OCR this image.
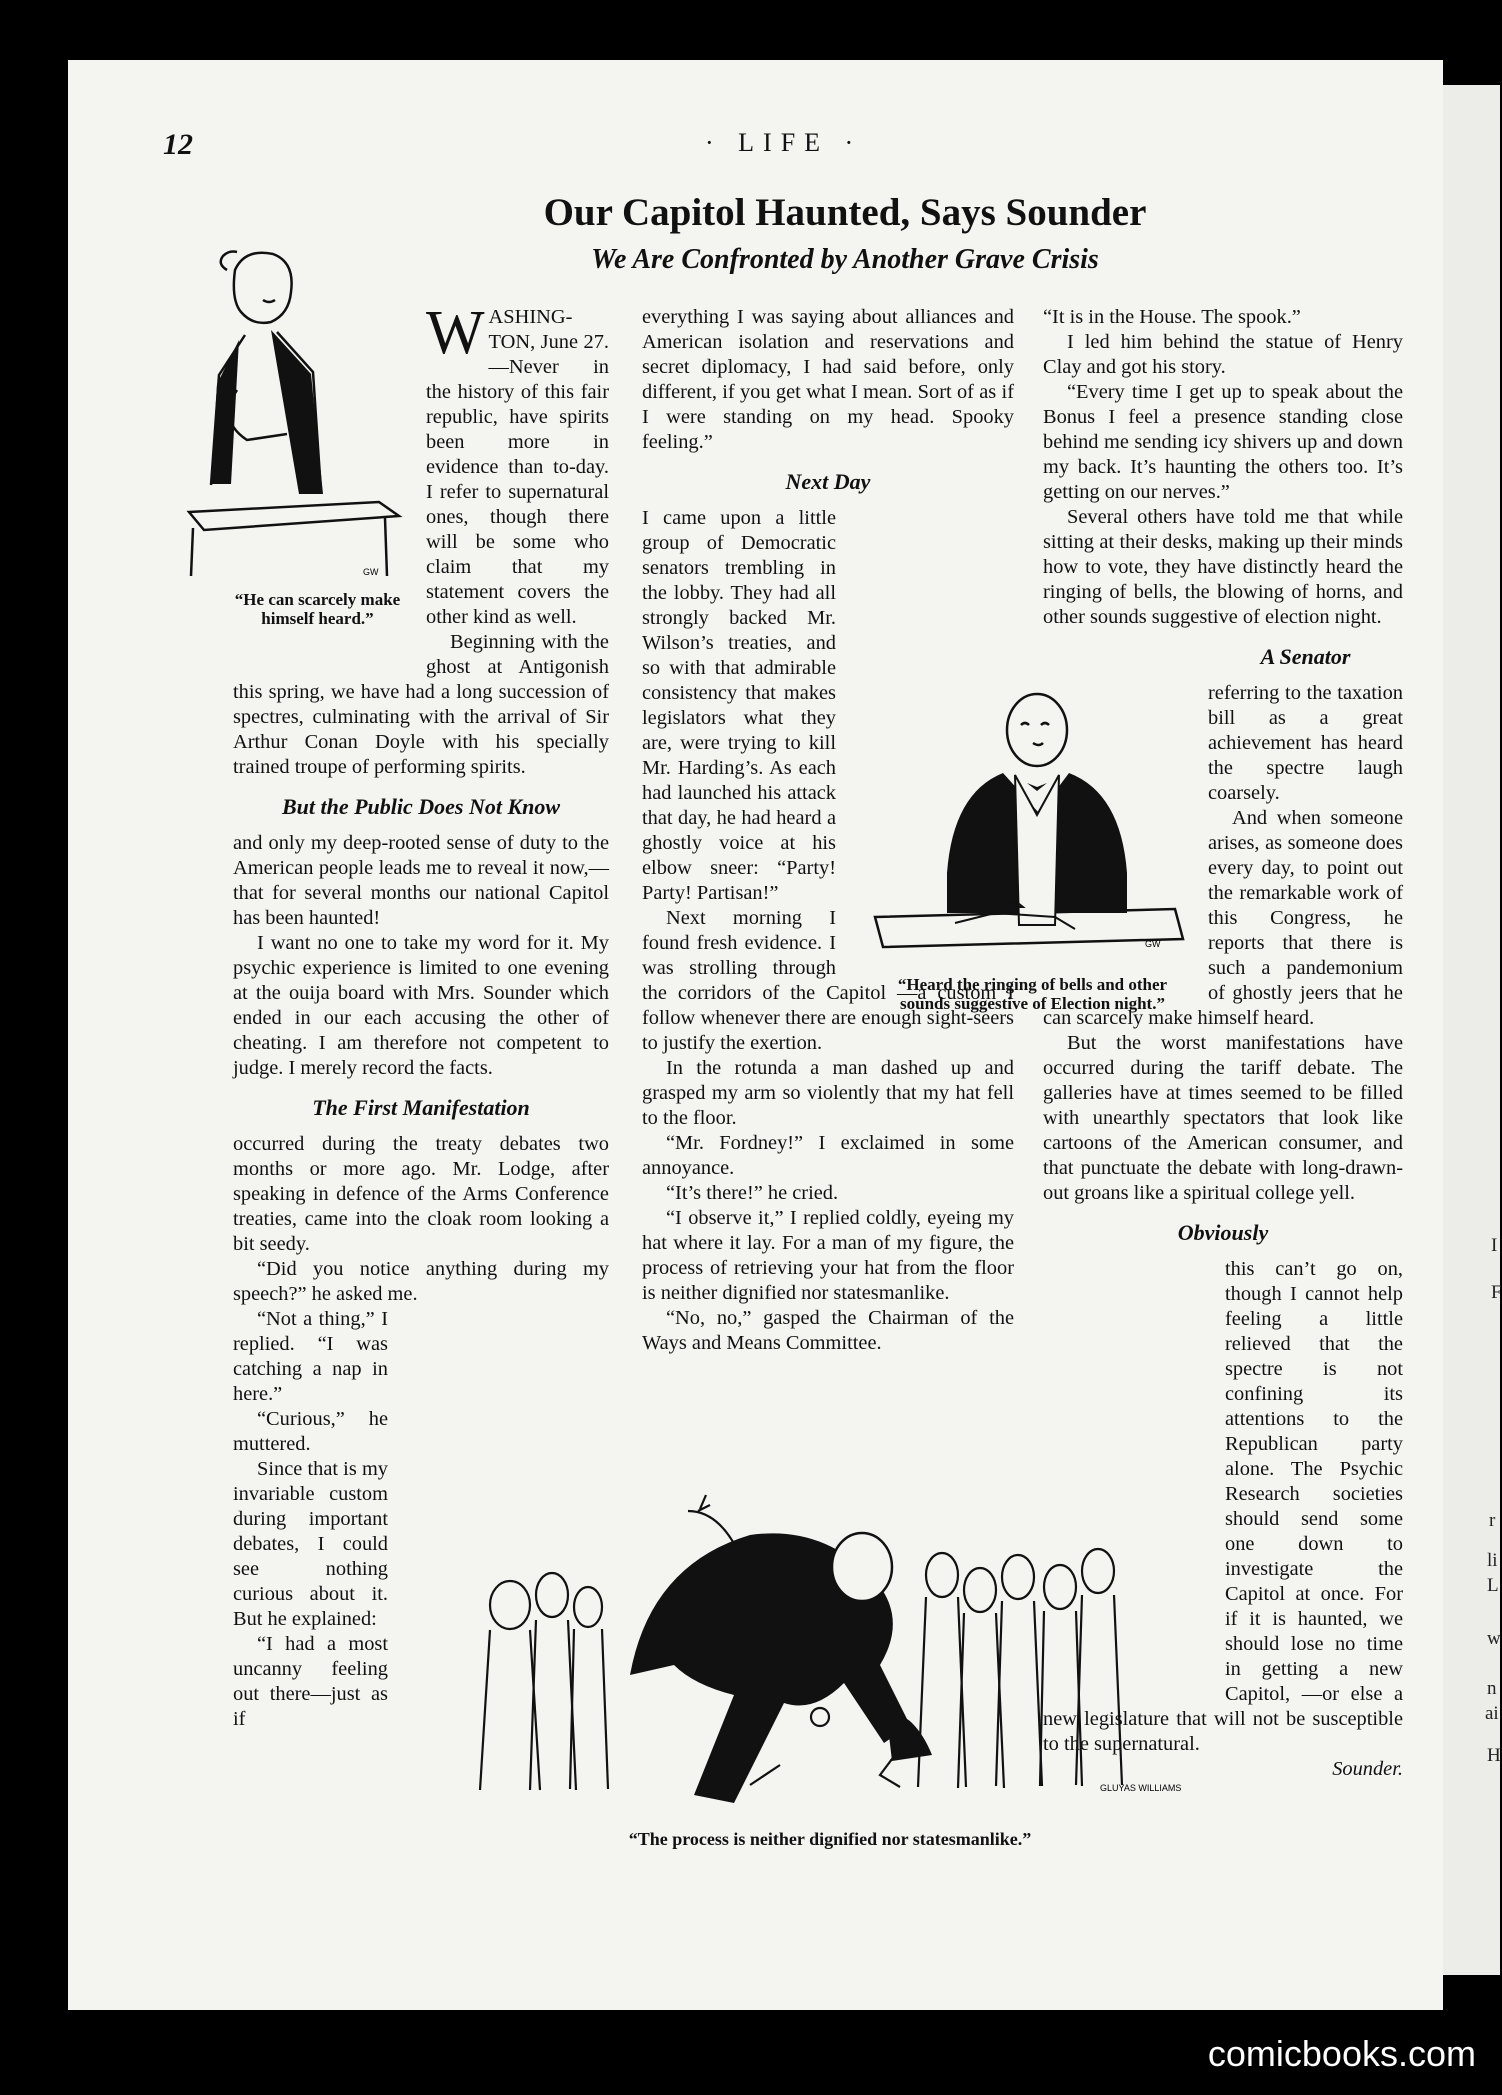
I
F
r
li
L
w
n
ai
H
12	· LIFE ·
Our Capitol Haunted, Says Sounder
We Are Confronted by Another Grave Crisis
GW
“He can scarcely make himself heard.”

WASHING-TON, June 27.—Never in the history of this fair republic, have spirits been more in evidence than to-day. I refer to supernatural ones, though there will be some who claim that my statement covers the other kind as well.

Beginning with the ghost at Antigonish this spring, we have had a long succession of spectres, culminating with the arrival of Sir Arthur Conan Doyle with his specially trained troupe of performing spirits.

But the Public Does Not Know

and only my deep-rooted sense of duty to the American people leads me to reveal it now,—that for several months our national Capitol has been haunted!

I want no one to take my word for it. My psychic experience is limited to one evening at the ouija board with Mrs. Sounder which ended in our each accusing the other of cheating. I am therefore not competent to judge. I merely record the facts.

The First Manifestation

occurred during the treaty debates two months or more ago. Mr. Lodge, after speaking in defence of the Arms Conference treaties, came into the cloak room looking a bit seedy.

“Did you notice anything during my speech?” he asked me.

“Not a thing,” I replied. “I was catching a nap in here.”

“Curious,” he muttered.

Since that is my invariable custom during important debates, I could see nothing curious about it. But he explained:

“I had a most uncanny feeling out there—just as if

everything I was saying about alliances and American isolation and reservations and secret diplomacy, I had said before, only different, if you get what I mean. Sort of as if I were standing on my head. Spooky feeling.”

Next Day

I came upon a little group of Democratic senators trembling in the lobby. They had all strongly backed Mr. Wilson’s treaties, and so with that admirable consistency that makes legislators what they are, were trying to kill Mr. Harding’s. As each had launched his attack that day, he had heard a ghostly voice at his elbow sneer: “Party! Party! Partisan!”

Next morning I found fresh evidence. I was strolling through the corridors of the Capitol —a custom I follow whenever there are enough sight-seers to justify the exertion.

In the rotunda a man dashed up and grasped my arm so violently that my hat fell to the floor.

“Mr. Fordney!” I exclaimed in some annoyance.

“It’s there!” he cried.

“I observe it,” I replied coldly, eyeing my hat where it lay. For a man of my figure, the process of retrieving your hat from the floor is neither dignified nor statesmanlike.

“No, no,” gasped the Chairman of the Ways and Means Committee.

GW
“Heard the ringing of bells and other sounds suggestive of Election night.”

“It is in the House. The spook.”

I led him behind the statue of Henry Clay and got his story.

“Every time I get up to speak about the Bonus I feel a presence standing close behind me sending icy shivers up and down my back. It’s haunting the others too. It’s getting on our nerves.”

Several others have told me that while sitting at their desks, making up their minds how to vote, they have distinctly heard the ringing of bells, the blowing of horns, and other sounds suggestive of election night.

A Senator

referring to the taxation bill as a great achievement has heard the spectre laugh coarsely.

And when someone arises, as someone does every day, to point out the remarkable work of this Congress, he reports that there is such a pandemonium of ghostly jeers that he can scarcely make himself heard.

But the worst manifestations have occurred during the tariff debate. The galleries have at times seemed to be filled with unearthly spectators that look like cartoons of the American consumer, and that punctuate the debate with long-drawn-out groans like a spiritual college yell.

Obviously

this can’t go on, though I cannot help feeling a little relieved that the spectre is not confining its attentions to the Republican party alone. The Psychic Research societies should send some one down to investigate the Capitol at once. For if it is haunted, we should lose no time in getting a new Capitol, —or else a new legislature that will not be susceptible to the supernatural.

Sounder.

GLUYAS WILLIAMS
“The process is neither dignified nor statesmanlike.”
comicbooks.com
